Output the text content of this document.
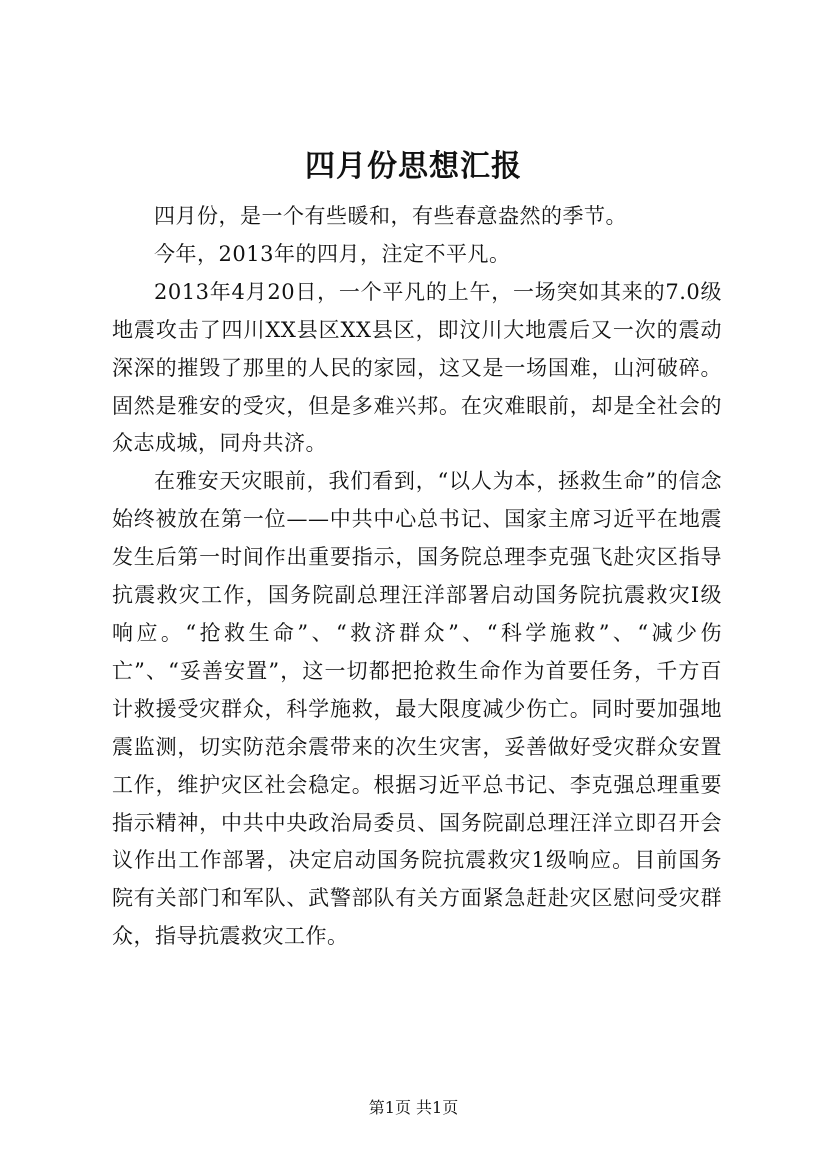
四月份思想汇报

四月份，是一个有些暖和，有些春意盎然的季节。

今年，2013年的四月，注定不平凡。

2013年4月20日，一个平凡的上午，一场突如其来的7.0级地震攻击了四川XX县区XX县区，即汶川大地震后又一次的震动深深的摧毁了那里的人民的家园，这又是一场国难，山河破碎。固然是雅安的受灾，但是多难兴邦。在灾难眼前，却是全社会的众志成城，同舟共济。

在雅安天灾眼前，我们看到，“以人为本，拯救生命”的信念始终被放在第一位——中共中心总书记、国家主席习近平在地震发生后第一时间作出重要指示，国务院总理李克强飞赴灾区指导抗震救灾工作，国务院副总理汪洋部署启动国务院抗震救灾I级响应。“抢救生命”、“救济群众”、“科学施救”、“减少伤亡”、“妥善安置”，这一切都把抢救生命作为首要任务，千方百计救援受灾群众，科学施救，最大限度减少伤亡。同时要加强地震监测，切实防范余震带来的次生灾害，妥善做好受灾群众安置工作，维护灾区社会稳定。根据习近平总书记、李克强总理重要指示精神，中共中央政治局委员、国务院副总理汪洋立即召开会议作出工作部署，决定启动国务院抗震救灾1级响应。目前国务院有关部门和军队、武警部队有关方面紧急赶赴灾区慰问受灾群众，指导抗震救灾工作。

第1页 共1页
